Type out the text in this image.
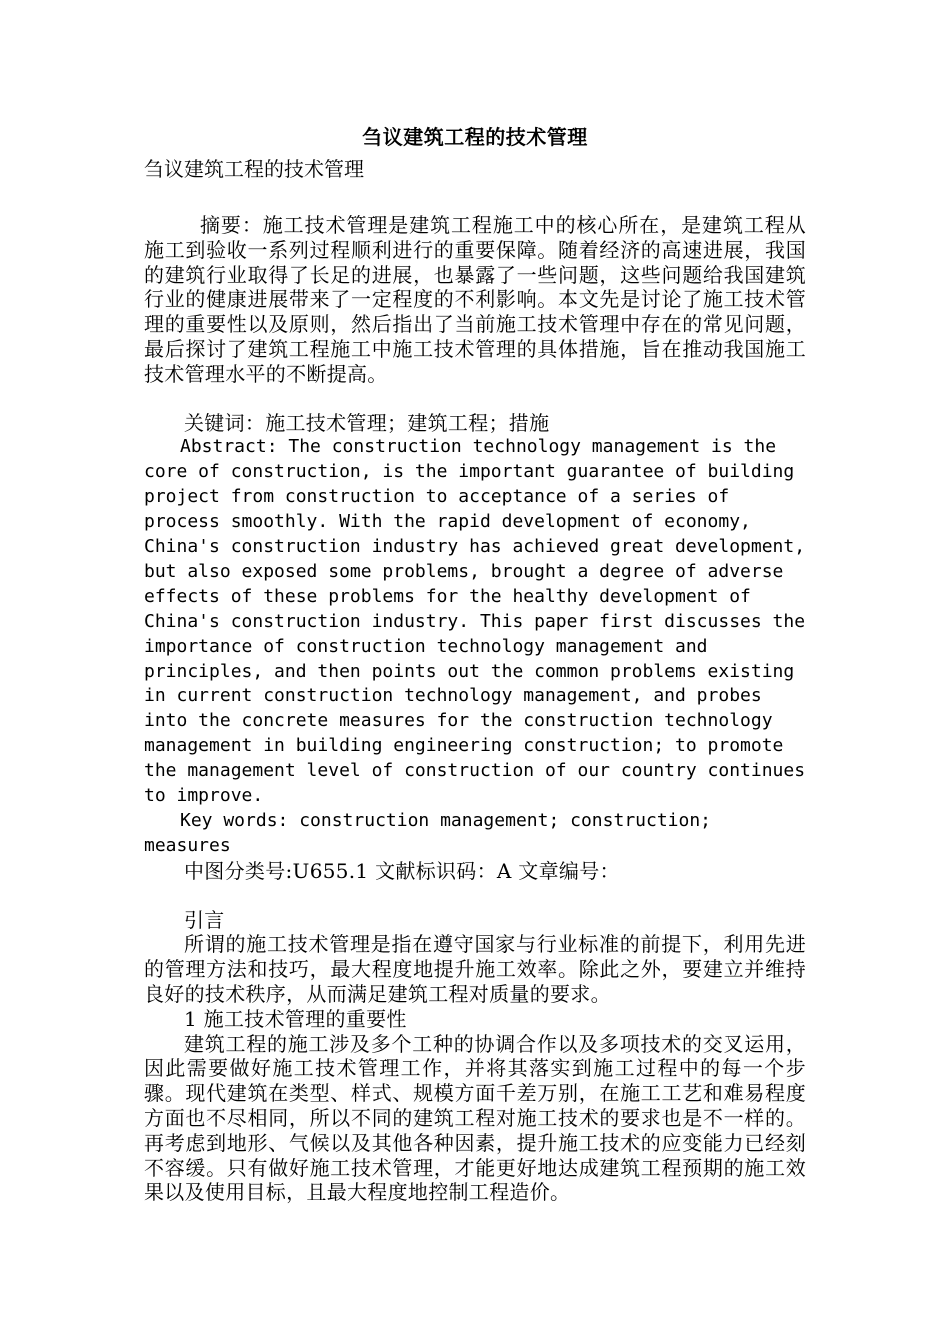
刍议建筑工程的技术管理

刍议建筑工程的技术管理

摘要：施工技术管理是建筑工程施工中的核心所在，是建筑工程从施工到验收一系列过程顺利进行的重要保障。随着经济的高速进展，我国的建筑行业取得了长足的进展，也暴露了一些问题，这些问题给我国建筑行业的健康进展带来了一定程度的不利影响。本文先是讨论了施工技术管理的重要性以及原则，然后指出了当前施工技术管理中存在的常见问题，最后探讨了建筑工程施工中施工技术管理的具体措施，旨在推动我国施工技术管理水平的不断提高。

关键词：施工技术管理；建筑工程；措施

Abstract: The construction technology management is the core of construction, is the important guarantee of building project from construction to acceptance of a series of process smoothly. With the rapid development of economy, China's construction industry has achieved great development, but also exposed some problems, brought a degree of adverse effects of these problems for the healthy development of China's construction industry. This paper first discusses the importance of construction technology management and principles, and then points out the common problems existing in current construction technology management, and probes into the concrete measures for the construction technology management in building engineering construction; to promote the management level of construction of our country continues to improve.

Key words: construction management; construction; measures

中图分类号:U655.1 文献标识码：A 文章编号：

引言

所谓的施工技术管理是指在遵守国家与行业标准的前提下，利用先进的管理方法和技巧，最大程度地提升施工效率。除此之外，要建立并维持良好的技术秩序，从而满足建筑工程对质量的要求。

1 施工技术管理的重要性

建筑工程的施工涉及多个工种的协调合作以及多项技术的交叉运用，因此需要做好施工技术管理工作，并将其落实到施工过程中的每一个步骤。现代建筑在类型、样式、规模方面千差万别，在施工工艺和难易程度方面也不尽相同，所以不同的建筑工程对施工技术的要求也是不一样的。再考虑到地形、气候以及其他各种因素，提升施工技术的应变能力已经刻不容缓。只有做好施工技术管理，才能更好地达成建筑工程预期的施工效果以及使用目标，且最大程度地控制工程造价。
